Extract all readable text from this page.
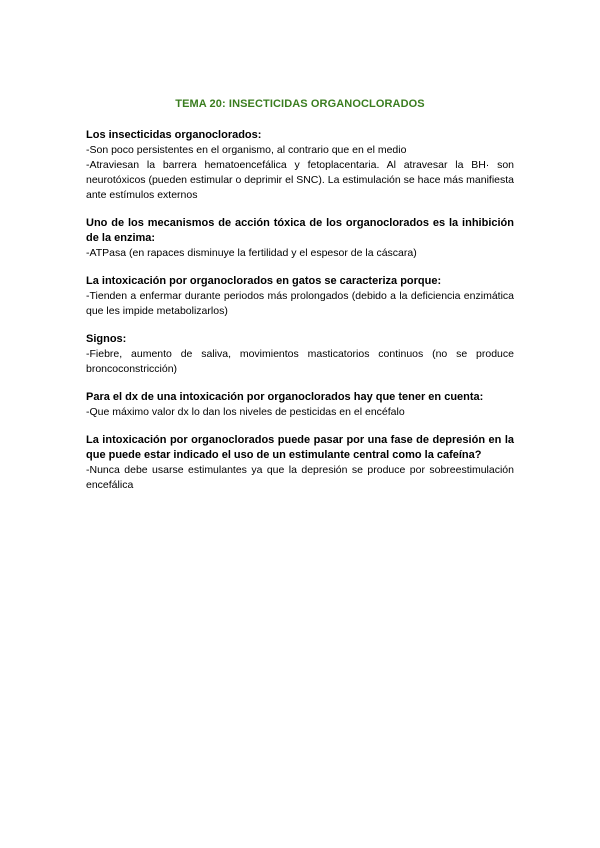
TEMA 20: INSECTICIDAS ORGANOCLORADOS

Los insecticidas organoclorados:

-Son poco persistentes en el organismo, al contrario que en el medio

-Atraviesan la barrera hematoencefálica y fetoplacentaria. Al atravesar la BH· son neurotóxicos (pueden estimular o deprimir el SNC). La estimulación se hace más manifiesta ante estímulos externos

Uno de los mecanismos de acción tóxica de los organoclorados es la inhibición de la enzima:

-ATPasa (en rapaces disminuye la fertilidad y el espesor de la cáscara)

La intoxicación por organoclorados en gatos se caracteriza porque:

-Tienden a enfermar durante periodos más prolongados (debido a la deficiencia enzimática que les impide metabolizarlos)

Signos:

-Fiebre, aumento de saliva, movimientos masticatorios continuos (no se produce broncoconstricción)

Para el dx de una intoxicación por organoclorados hay que tener en cuenta:

-Que máximo valor dx lo dan los niveles de pesticidas en el encéfalo

La intoxicación por organoclorados puede pasar por una fase de depresión en la que puede estar indicado el uso de un estimulante central como la cafeína?

-Nunca debe usarse estimulantes ya que la depresión se produce por sobreestimulación encefálica
